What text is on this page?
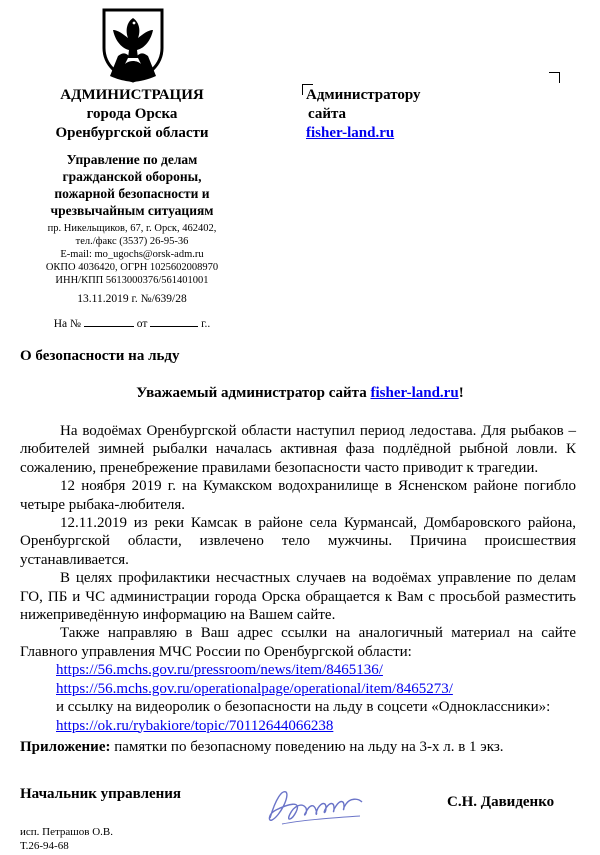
АДМИНИСТРАЦИЯ
города Орска
Оренбургской области
Управление по делам
гражданской обороны,
пожарной безопасности и
чрезвычайным ситуациям
пр. Никельщиков, 67, г. Орск, 462402,
тел./факс (3537) 26-95-36
E-mail: mo_ugochs@orsk-adm.ru
ОКПО 4036420, ОГРН 1025602008970
ИНН/КПП 5613000376/561401001
13.11.2019 г. №/639/28
На №	от	г..
Администратору
сайта
fisher-land.ru
О безопасности на льду
Уважаемый администратор сайта fisher-land.ru!
На водоёмах Оренбургской области наступил период ледостава. Для рыбаков – любителей зимней рыбалки началась активная фаза подлёдной рыбной ловли. К сожалению, пренебрежение правилами безопасности часто приводит к трагедии.
12 ноября 2019 г. на Кумакском водохранилище в Ясненском районе погибло четыре рыбака-любителя.
12.11.2019 из реки Камсак в районе села Курмансай, Домбаровского района, Оренбургской области, извлечено тело мужчины. Причина происшествия устанавливается.
В целях профилактики несчастных случаев на водоёмах управление по делам ГО, ПБ и ЧС администрации города Орска обращается к Вам с просьбой разместить нижеприведённую информацию на Вашем сайте.
Также направляю в Ваш адрес ссылки на аналогичный материал на сайте Главного управления МЧС России по Оренбургской области:
https://56.mchs.gov.ru/pressroom/news/item/8465136/
https://56.mchs.gov.ru/operationalpage/operational/item/8465273/
и ссылку на видеоролик о безопасности на льду в соцсети «Одноклассники»:
https://ok.ru/rybakiore/topic/70112644066238
Приложение: памятки по безопасному поведению на льду на 3-х л. в 1 экз.
Начальник управления	С.Н. Давиденко
исп. Петрашов О.В.
Т.26-94-68
